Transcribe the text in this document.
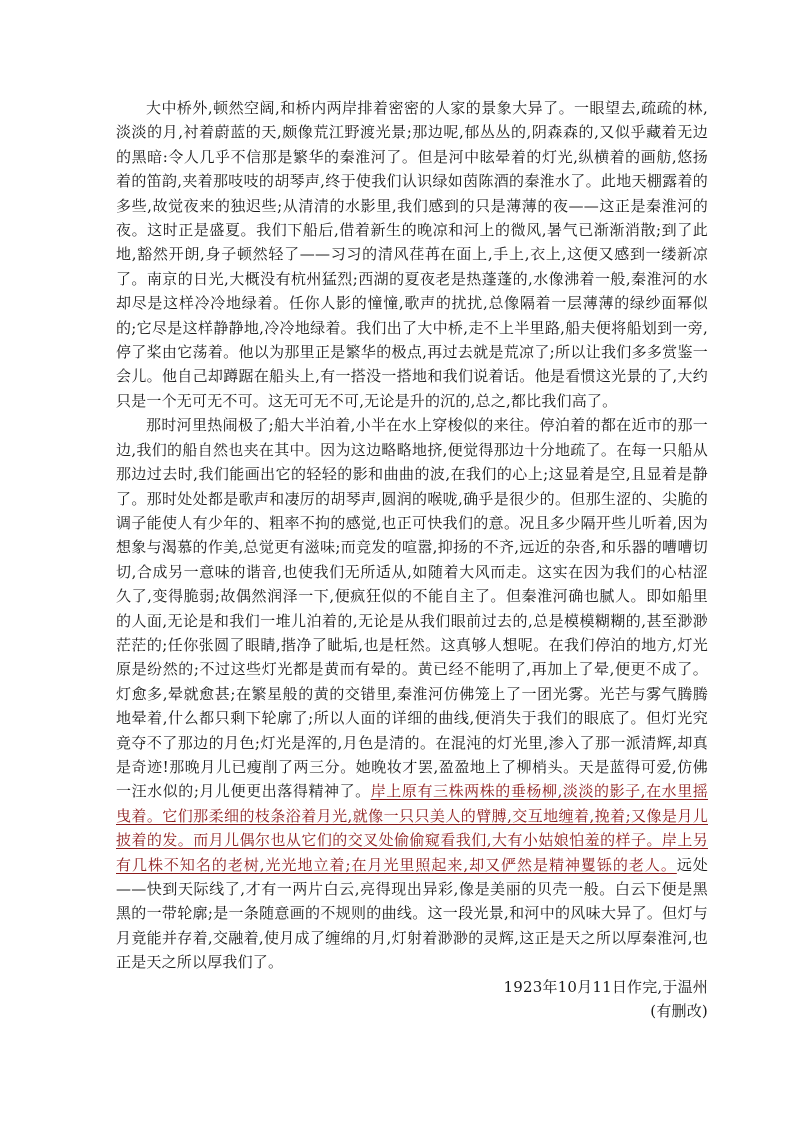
大中桥外,顿然空阔,和桥内两岸排着密密的人家的景象大异了。一眼望去,疏疏的林,淡淡的月,衬着蔚蓝的天,颇像荒江野渡光景;那边呢,郁丛丛的,阴森森的,又似乎藏着无边的黑暗:令人几乎不信那是繁华的秦淮河了。但是河中眩晕着的灯光,纵横着的画舫,悠扬着的笛韵,夹着那吱吱的胡琴声,终于使我们认识绿如茵陈酒的秦淮水了。此地天棚露着的多些,故觉夜来的独迟些;从清清的水影里,我们感到的只是薄薄的夜——这正是秦淮河的夜。这时正是盛夏。我们下船后,借着新生的晚凉和河上的微风,暑气已渐渐消散;到了此地,豁然开朗,身子顿然轻了——习习的清风荏苒在面上,手上,衣上,这便又感到一缕新凉了。南京的日光,大概没有杭州猛烈;西湖的夏夜老是热蓬蓬的,水像沸着一般,秦淮河的水却尽是这样冷冷地绿着。任你人影的憧憧,歌声的扰扰,总像隔着一层薄薄的绿纱面幂似的;它尽是这样静静地,冷冷地绿着。我们出了大中桥,走不上半里路,船夫便将船划到一旁,停了桨由它荡着。他以为那里正是繁华的极点,再过去就是荒凉了;所以让我们多多赏鉴一会儿。他自己却蹲踞在船头上,有一搭没一搭地和我们说着话。他是看惯这光景的了,大约只是一个无可无不可。这无可无不可,无论是升的沉的,总之,都比我们高了。

那时河里热闹极了;船大半泊着,小半在水上穿梭似的来往。停泊着的都在近市的那一边,我们的船自然也夹在其中。因为这边略略地挤,便觉得那边十分地疏了。在每一只船从那边过去时,我们能画出它的轻轻的影和曲曲的波,在我们的心上;这显着是空,且显着是静了。那时处处都是歌声和凄厉的胡琴声,圆润的喉咙,确乎是很少的。但那生涩的、尖脆的调子能使人有少年的、粗率不拘的感觉,也正可快我们的意。况且多少隔开些儿听着,因为想象与渴慕的作美,总觉更有滋味;而竞发的喧嚣,抑扬的不齐,远近的杂沓,和乐器的嘈嘈切切,合成另一意味的谐音,也使我们无所适从,如随着大风而走。这实在因为我们的心枯涩久了,变得脆弱;故偶然润泽一下,便疯狂似的不能自主了。但秦淮河确也腻人。即如船里的人面,无论是和我们一堆儿泊着的,无论是从我们眼前过去的,总是模模糊糊的,甚至渺渺茫茫的;任你张圆了眼睛,揩净了眦垢,也是枉然。这真够人想呢。在我们停泊的地方,灯光原是纷然的;不过这些灯光都是黄而有晕的。黄已经不能明了,再加上了晕,便更不成了。灯愈多,晕就愈甚;在繁星般的黄的交错里,秦淮河仿佛笼上了一团光雾。光芒与雾气腾腾地晕着,什么都只剩下轮廓了;所以人面的详细的曲线,便消失于我们的眼底了。但灯光究竟夺不了那边的月色;灯光是浑的,月色是清的。在混沌的灯光里,渗入了那一派清辉,却真是奇迹!那晚月儿已瘦削了两三分。她晚妆才罢,盈盈地上了柳梢头。天是蓝得可爱,仿佛一汪水似的;月儿便更出落得精神了。岸上原有三株两株的垂杨柳,淡淡的影子,在水里摇曳着。它们那柔细的枝条浴着月光,就像一只只美人的臂膊,交互地缠着,挽着;又像是月儿披着的发。而月儿偶尔也从它们的交叉处偷偷窥看我们,大有小姑娘怕羞的样子。岸上另有几株不知名的老树,光光地立着;在月光里照起来,却又俨然是精神矍铄的老人。远处——快到天际线了,才有一两片白云,亮得现出异彩,像是美丽的贝壳一般。白云下便是黑黑的一带轮廓;是一条随意画的不规则的曲线。这一段光景,和河中的风味大异了。但灯与月竟能并存着,交融着,使月成了缠绵的月,灯射着渺渺的灵辉,这正是天之所以厚秦淮河,也正是天之所以厚我们了。

1923年10月11日作完,于温州

(有删改)
